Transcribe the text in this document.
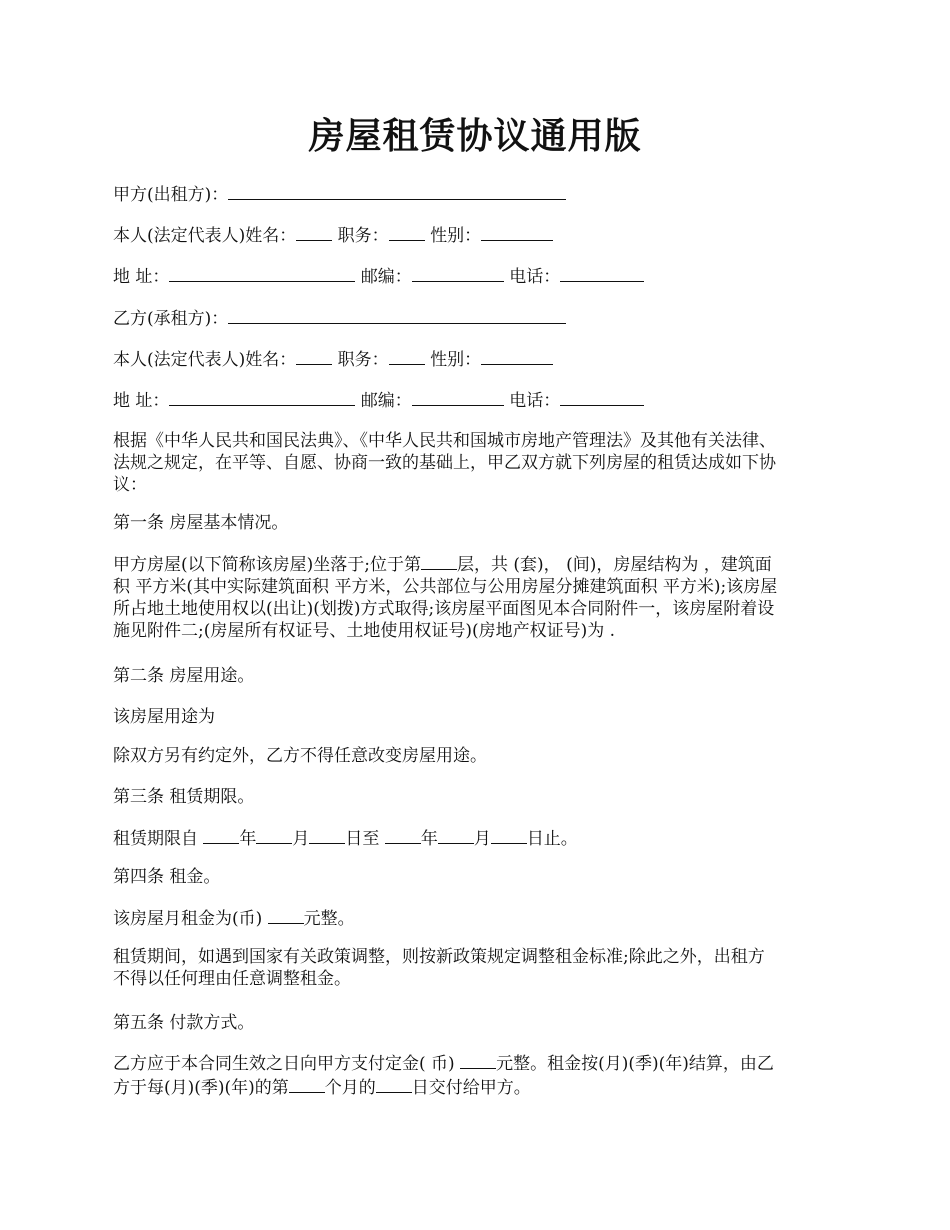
房屋租赁协议通用版
甲方(出租方)：
本人(法定代表人)姓名： 职务： 性别：
地 址：	邮编：	电话：
乙方(承租方)：
本人(法定代表人)姓名： 职务： 性别：
地 址：	邮编：	电话：
根据《中华人民共和国民法典》、《中华人民共和国城市房地产管理法》及其他有关法律、
法规之规定，在平等、自愿、协商一致的基础上，甲乙双方就下列房屋的租赁达成如下协
议：
第一条 房屋基本情况。
甲方房屋(以下简称该房屋)坐落于;位于第 层，共 (套)， (间)，房屋结构为 ，建筑面
积 平方米(其中实际建筑面积 平方米，公共部位与公用房屋分摊建筑面积 平方米);该房屋
所占地土地使用权以(出让)(划拨)方式取得;该房屋平面图见本合同附件一，该房屋附着设
施见附件二;(房屋所有权证号、土地使用权证号)(房地产权证号)为 .
第二条 房屋用途。
该房屋用途为
除双方另有约定外，乙方不得任意改变房屋用途。
第三条 租赁期限。
租赁期限自 年 月 日至 年 月 日止。
第四条 租金。
该房屋月租金为(币) 元整。
租赁期间，如遇到国家有关政策调整，则按新政策规定调整租金标准;除此之外，出租方
不得以任何理由任意调整租金。
第五条 付款方式。
乙方应于本合同生效之日向甲方支付定金( 币) 元整。租金按(月)(季)(年)结算，由乙
方于每(月)(季)(年)的第 个月的 日交付给甲方。
